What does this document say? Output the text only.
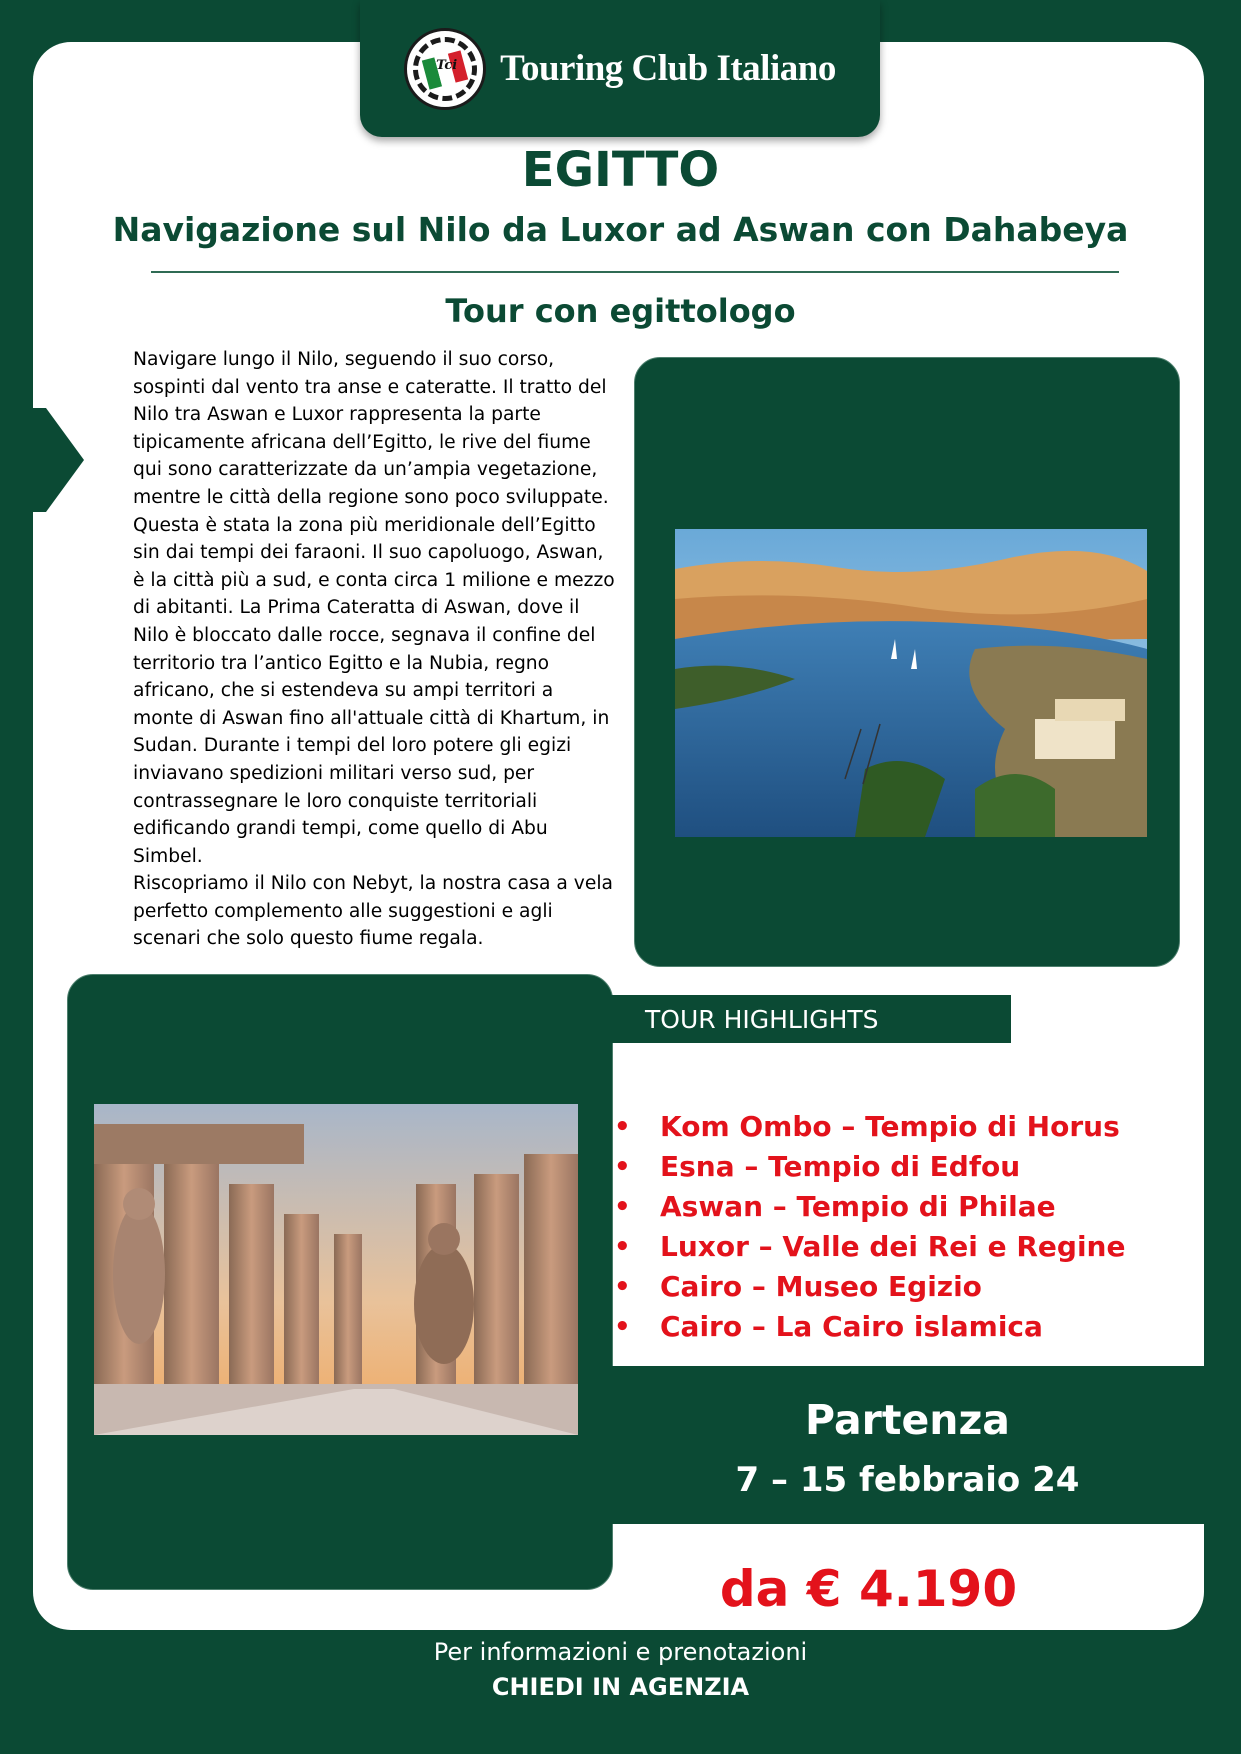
Tci Touring Club Italiano
EGITTO
Navigazione sul Nilo da Luxor ad Aswan con Dahabeya
Tour con egittologo

Navigare lungo il Nilo, seguendo il suo corso, sospinti dal vento tra anse e cateratte. Il tratto del Nilo tra Aswan e Luxor rappresenta la parte tipicamente africana dell’Egitto, le rive del fiume qui sono caratterizzate da un’ampia vegetazione, mentre le città della regione sono poco sviluppate. Questa è stata la zona più meridionale dell’Egitto sin dai tempi dei faraoni. Il suo capoluogo, Aswan, è la città più a sud, e conta circa 1 milione e mezzo di abitanti. La Prima Cateratta di Aswan, dove il Nilo è bloccato dalle rocce, segnava il confine del territorio tra l’antico Egitto e la Nubia, regno africano, che si estendeva su ampi territori a monte di Aswan fino all'attuale città di Khartum, in Sudan. Durante i tempi del loro potere gli egizi inviavano spedizioni militari verso sud, per contrassegnare le loro conquiste territoriali edificando grandi tempi, come quello di Abu Simbel.

Riscopriamo il Nilo con Nebyt, la nostra casa a vela perfetto complemento alle suggestioni e agli scenari che solo questo fiume regala.

TOUR HIGHLIGHTS
• Kom Ombo – Tempio di Horus
• Esna – Tempio di Edfou
• Aswan – Tempio di Philae
• Luxor – Valle dei Rei e Regine
• Cairo – Museo Egizio
• Cairo – La Cairo islamica
Partenza
7 – 15 febbraio 24
da € 4.190
Per informazioni e prenotazioni
CHIEDI IN AGENZIA
